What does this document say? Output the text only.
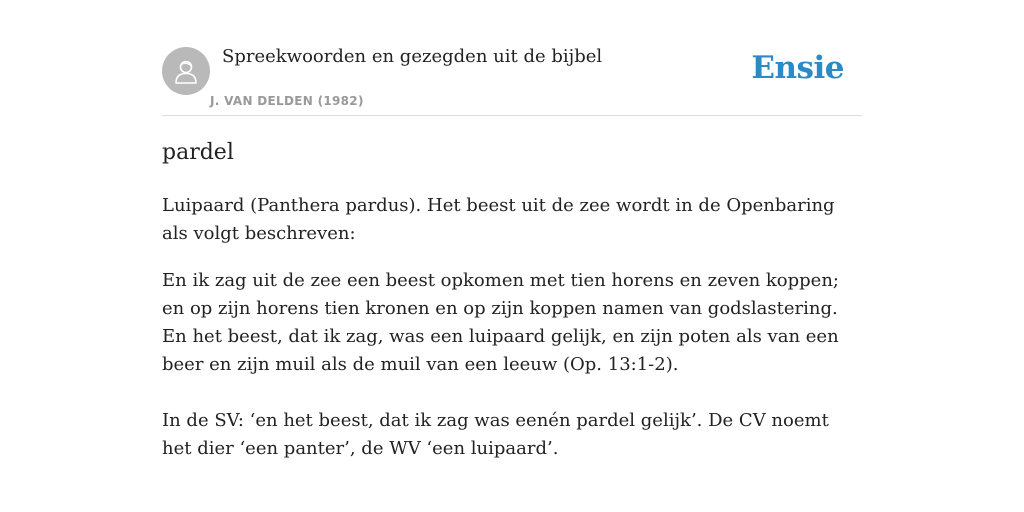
Spreekwoorden en gezegden uit de bijbel
J. VAN DELDEN (1982)
Ensie
pardel

Luipaard (Panthera pardus). Het beest uit de zee wordt in de Openbaring als volgt beschreven:

En ik zag uit de zee een beest opkomen met tien horens en zeven koppen; en op zijn horens tien kronen en op zijn koppen namen van godslastering. En het beest, dat ik zag, was een luipaard gelijk, en zijn poten als van een beer en zijn muil als de muil van een leeuw (Op. 13:1-2).

In de SV: ‘en het beest, dat ik zag was eenén pardel gelijk’. De CV noemt het dier ‘een panter’, de WV ‘een luipaard’.
